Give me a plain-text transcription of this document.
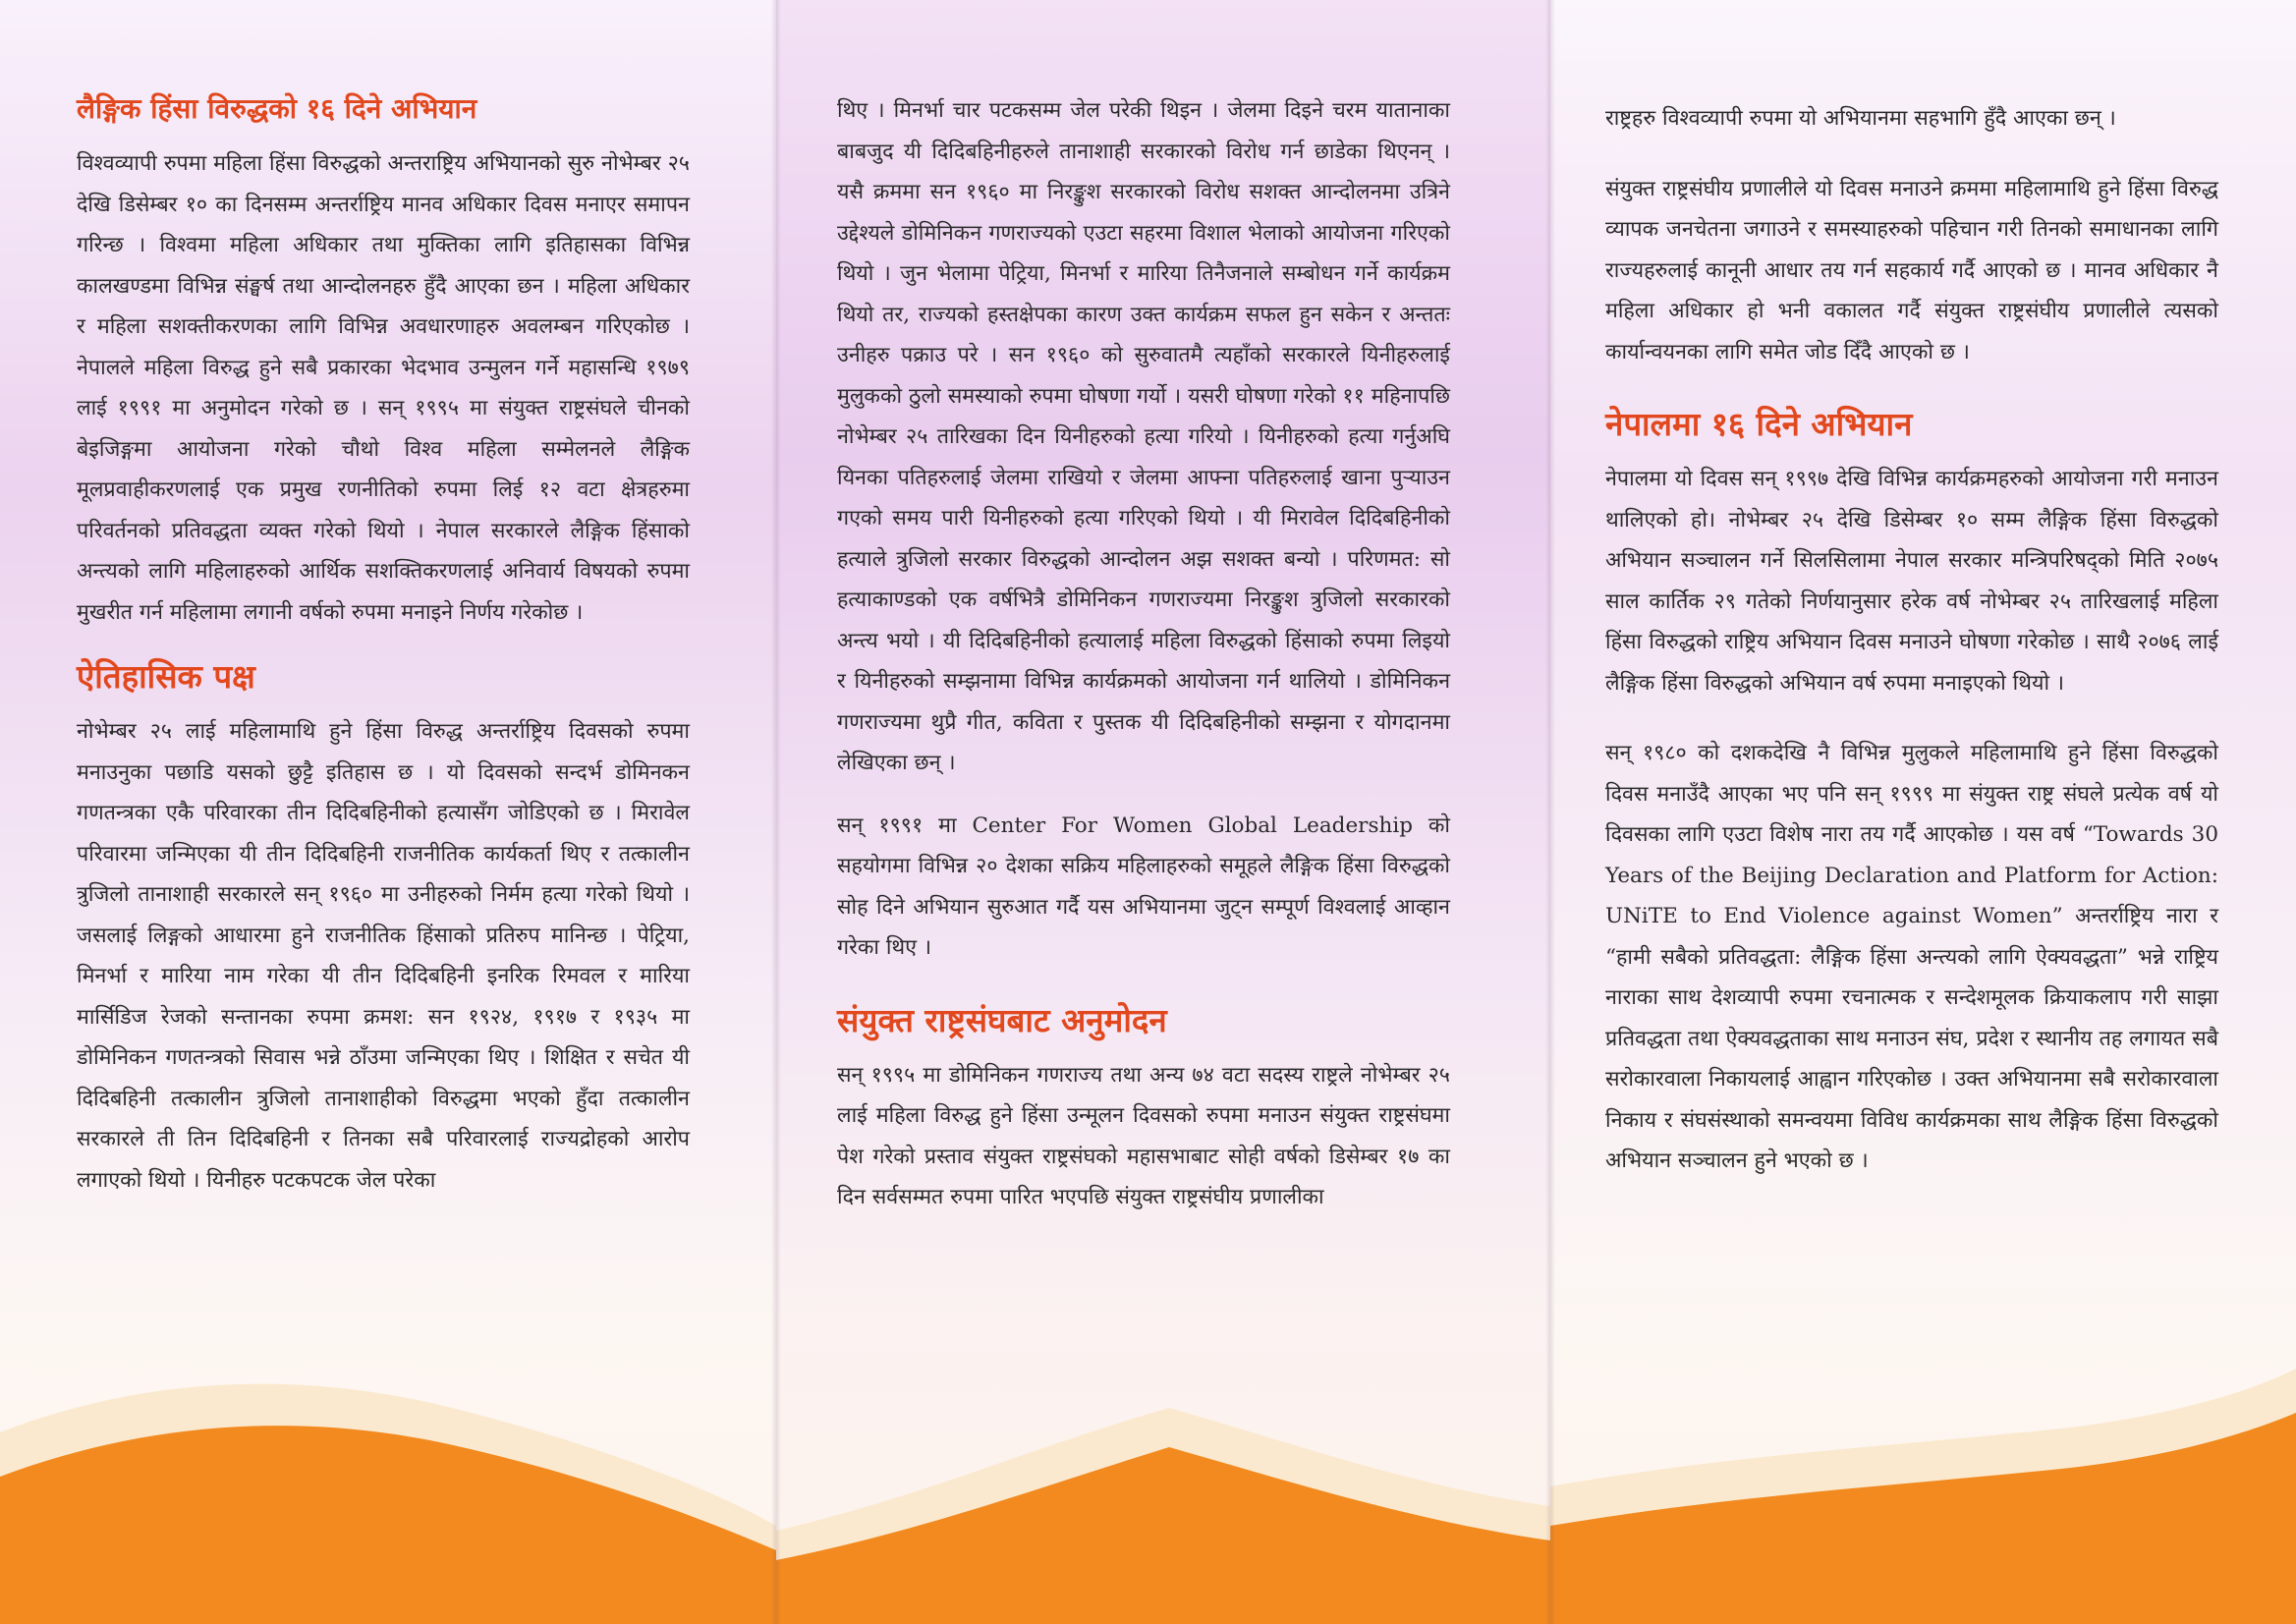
लैङ्गिक हिंसा विरुद्धको १६ दिने अभियान

विश्वव्यापी रुपमा महिला हिंसा विरुद्धको अन्तराष्ट्रिय अभियानको सुरु नोभेम्बर २५ देखि डिसेम्बर १० का दिनसम्म अन्तर्राष्ट्रिय मानव अधिकार दिवस मनाएर समापन गरिन्छ । विश्वमा महिला अधिकार तथा मुक्तिका लागि इतिहासका विभिन्न कालखण्डमा विभिन्न संङ्घर्ष तथा आन्दोलनहरु हुँदै आएका छन । महिला अधिकार र महिला सशक्तीकरणका लागि विभिन्न अवधारणाहरु अवलम्बन गरिएकोछ । नेपालले महिला विरुद्ध हुने सबै प्रकारका भेदभाव उन्मुलन गर्ने महासन्धि १९७९ लाई १९९१ मा अनुमोदन गरेको छ । सन् १९९५ मा संयुक्त राष्ट्रसंघले चीनको बेइजिङ्गमा आयोजना गरेको चौथो विश्व महिला सम्मेलनले लैङ्गिक मूलप्रवाहीकरणलाई एक प्रमुख रणनीतिको रुपमा लिई १२ वटा क्षेत्रहरुमा परिवर्तनको प्रतिवद्धता व्यक्त गरेको थियो । नेपाल सरकारले लैङ्गिक हिंसाको अन्त्यको लागि महिलाहरुको आर्थिक सशक्तिकरणलाई अनिवार्य विषयको रुपमा मुखरीत गर्न महिलामा लगानी वर्षको रुपमा मनाइने निर्णय गरेकोछ ।

ऐतिहासिक पक्ष

नोभेम्बर २५ लाई महिलामाथि हुने हिंसा विरुद्ध अन्तर्राष्ट्रिय दिवसको रुपमा मनाउनुका पछाडि यसको छुट्टै इतिहास छ । यो दिवसको सन्दर्भ डोमिनकन गणतन्त्रका एकै परिवारका तीन दिदिबहिनीको हत्यासँग जोडिएको छ । मिरावेल परिवारमा जन्मिएका यी तीन दिदिबहिनी राजनीतिक कार्यकर्ता थिए र तत्कालीन त्रुजिलो तानाशाही सरकारले सन् १९६० मा उनीहरुको निर्मम हत्या गरेको थियो । जसलाई लिङ्गको आधारमा हुने राजनीतिक हिंसाको प्रतिरुप मानिन्छ । पेट्रिया, मिनर्भा र मारिया नाम गरेका यी तीन दिदिबहिनी इनरिक रिमवल र मारिया मार्सिडिज रेजको सन्तानका रुपमा क्रमश: सन १९२४, १९१७ र १९३५ मा डोमिनिकन गणतन्त्रको सिवास भन्ने ठाँउमा जन्मिएका थिए । शिक्षित र सचेत यी दिदिबहिनी तत्कालीन त्रुजिलो तानाशाहीको विरुद्धमा भएको हुँदा तत्कालीन सरकारले ती तिन दिदिबहिनी र तिनका सबै परिवारलाई राज्यद्रोहको आरोप लगाएको थियो । यिनीहरु पटकपटक जेल परेका

थिए । मिनर्भा चार पटकसम्म जेल परेकी थिइन । जेलमा दिइने चरम यातानाका बाबजुद यी दिदिबहिनीहरुले तानाशाही सरकारको विरोध गर्न छाडेका थिएनन् । यसै क्रममा सन १९६० मा निरङ्कुश सरकारको विरोध सशक्त आन्दोलनमा उत्रिने उद्देश्यले डोमिनिकन गणराज्यको एउटा सहरमा विशाल भेलाको आयोजना गरिएको थियो । जुन भेलामा पेट्रिया, मिनर्भा र मारिया तिनैजनाले सम्बोधन गर्ने कार्यक्रम थियो तर, राज्यको हस्तक्षेपका कारण उक्त कार्यक्रम सफल हुन सकेन र अन्ततः उनीहरु पक्राउ परे । सन १९६० को सुरुवातमै त्यहाँको सरकारले यिनीहरुलाई मुलुकको ठुलो समस्याको रुपमा घोषणा गर्यो । यसरी घोषणा गरेको ११ महिनापछि नोभेम्बर २५ तारिखका दिन यिनीहरुको हत्या गरियो । यिनीहरुको हत्या गर्नुअघि यिनका पतिहरुलाई जेलमा राखियो र जेलमा आफ्ना पतिहरुलाई खाना पुर्‍याउन गएको समय पारी यिनीहरुको हत्या गरिएको थियो । यी मिरावेल दिदिबहिनीको हत्याले त्रुजिलो सरकार विरुद्धको आन्दोलन अझ सशक्त बन्यो । परिणमत: सो हत्याकाण्डको एक वर्षभित्रै डोमिनिकन गणराज्यमा निरङ्कुश त्रुजिलो सरकारको अन्त्य भयो । यी दिदिबहिनीको हत्यालाई महिला विरुद्धको हिंसाको रुपमा लिइयो र यिनीहरुको सम्झनामा विभिन्न कार्यक्रमको आयोजना गर्न थालियो । डोमिनिकन गणराज्यमा थुप्रै गीत, कविता र पुस्तक यी दिदिबहिनीको सम्झना र योगदानमा लेखिएका छन् ।

सन् १९९१ मा Center For Women Global Leadership को सहयोगमा विभिन्न २० देशका सक्रिय महिलाहरुको समूहले लैङ्गिक हिंसा विरुद्धको सोह दिने अभियान सुरुआत गर्दै यस अभियानमा जुट्न सम्पूर्ण विश्वलाई आव्हान गरेका थिए ।

संयुक्त राष्ट्रसंघबाट अनुमोदन

सन् १९९५ मा डोमिनिकन गणराज्य तथा अन्य ७४ वटा सदस्य राष्ट्रले नोभेम्बर २५ लाई महिला विरुद्ध हुने हिंसा उन्मूलन दिवसको रुपमा मनाउन संयुक्त राष्ट्रसंघमा पेश गरेको प्रस्ताव संयुक्त राष्ट्रसंघको महासभाबाट सोही वर्षको डिसेम्बर १७ का दिन सर्वसम्मत रुपमा पारित भएपछि संयुक्त राष्ट्रसंघीय प्रणालीका

राष्ट्रहरु विश्वव्यापी रुपमा यो अभियानमा सहभागि हुँदै आएका छन् ।

संयुक्त राष्ट्रसंघीय प्रणालीले यो दिवस मनाउने क्रममा महिलामाथि हुने हिंसा विरुद्ध व्यापक जनचेतना जगाउने र समस्याहरुको पहिचान गरी तिनको समाधानका लागि राज्यहरुलाई कानूनी आधार तय गर्न सहकार्य गर्दै आएको छ । मानव अधिकार नै महिला अधिकार हो भनी वकालत गर्दै संयुक्त राष्ट्रसंघीय प्रणालीले त्यसको कार्यान्वयनका लागि समेत जोड दिँदै आएको छ ।

नेपालमा १६ दिने अभियान

नेपालमा यो दिवस सन् १९९७ देखि विभिन्न कार्यक्रमहरुको आयोजना गरी मनाउन थालिएको हो। नोभेम्बर २५ देखि डिसेम्बर १० सम्म लैङ्गिक हिंसा विरुद्धको अभियान सञ्चालन गर्ने सिलसिलामा नेपाल सरकार मन्त्रिपरिषद्को मिति २०७५ साल कार्तिक २९ गतेको निर्णयानुसार हरेक वर्ष नोभेम्बर २५ तारिखलाई महिला हिंसा विरुद्धको राष्ट्रिय अभियान दिवस मनाउने घोषणा गरेकोछ । साथै २०७६ लाई लैङ्गिक हिंसा विरुद्धको अभियान वर्ष रुपमा मनाइएको थियो ।

सन् १९८० को दशकदेखि नै विभिन्न मुलुकले महिलामाथि हुने हिंसा विरुद्धको दिवस मनाउँदै आएका भए पनि सन् १९९९ मा संयुक्त राष्ट्र संघले प्रत्येक वर्ष यो दिवसका लागि एउटा विशेष नारा तय गर्दै आएकोछ । यस वर्ष “Towards 30 Years of the Beijing Declaration and Platform for Action: UNiTE to End Violence against Women” अन्तर्राष्ट्रिय नारा र “हामी सबैको प्रतिवद्धता: लैङ्गिक हिंसा अन्त्यको लागि ऐक्यवद्धता” भन्ने राष्ट्रिय नाराका साथ देशव्यापी रुपमा रचनात्मक र सन्देशमूलक क्रियाकलाप गरी साझा प्रतिवद्धता तथा ऐक्यवद्धताका साथ मनाउन संघ, प्रदेश र स्थानीय तह लगायत सबै सरोकारवाला निकायलाई आह्वान गरिएकोछ । उक्त अभियानमा सबै सरोकारवाला निकाय र संघसंस्थाको समन्वयमा विविध कार्यक्रमका साथ लैङ्गिक हिंसा विरुद्धको अभियान सञ्चालन हुने भएको छ ।
